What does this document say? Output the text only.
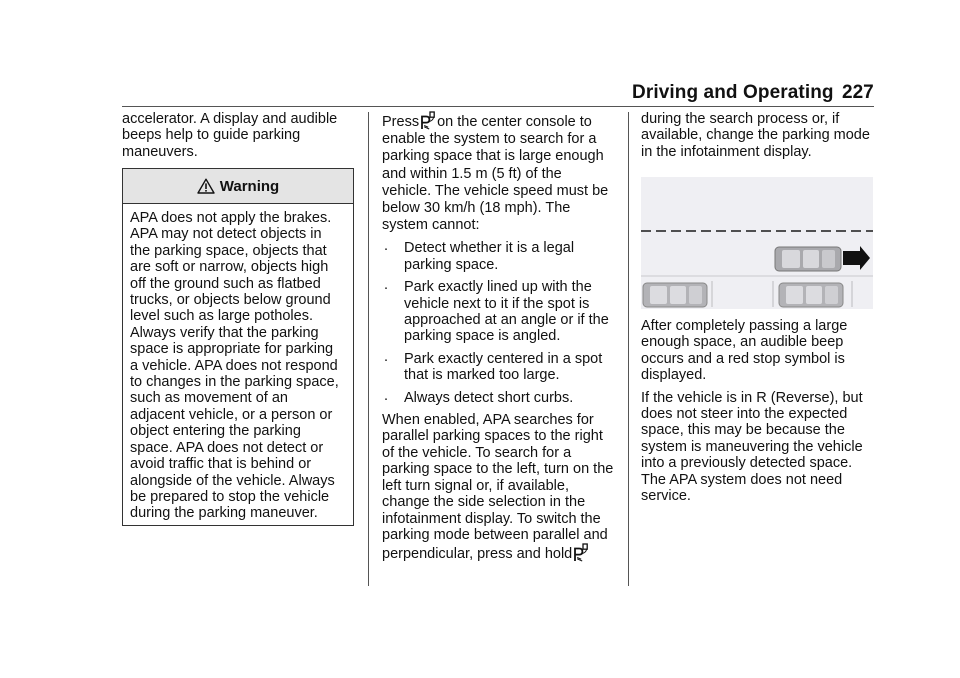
Driving and Operating 227

accelerator. A display and audible beeps help to guide parking maneuvers.

Warning
APA does not apply the brakes. APA may not detect objects in the parking space, objects that are soft or narrow, objects high off the ground such as flatbed trucks, or objects below ground level such as large potholes. Always verify that the parking space is appropriate for parking a vehicle. APA does not respond to changes in the parking space, such as movement of an adjacent vehicle, or a person or object entering the parking space. APA does not detect or avoid traffic that is behind or alongside of the vehicle. Always be prepared to stop the vehicle during the parking maneuver.

Press on the center console to enable the system to search for a parking space that is large enough and within 1.5 m (5 ft) of the vehicle. The vehicle speed must be below 30 km/h (18 mph). The system cannot:

. Detect whether it is a legal parking space.
. Park exactly lined up with the vehicle next to it if the spot is approached at an angle or if the parking space is angled.
. Park exactly centered in a spot that is marked too large.
. Always detect short curbs.

When enabled, APA searches for parallel parking spaces to the right of the vehicle. To search for a parking space to the left, turn on the left turn signal or, if available, change the side selection in the infotainment display. To switch the parking mode between parallel and perpendicular, press and hold

during the search process or, if available, change the parking mode in the infotainment display.

After completely passing a large enough space, an audible beep occurs and a red stop symbol is displayed.

If the vehicle is in R (Reverse), but does not steer into the expected space, this may be because the system is maneuvering the vehicle into a previously detected space. The APA system does not need service.
